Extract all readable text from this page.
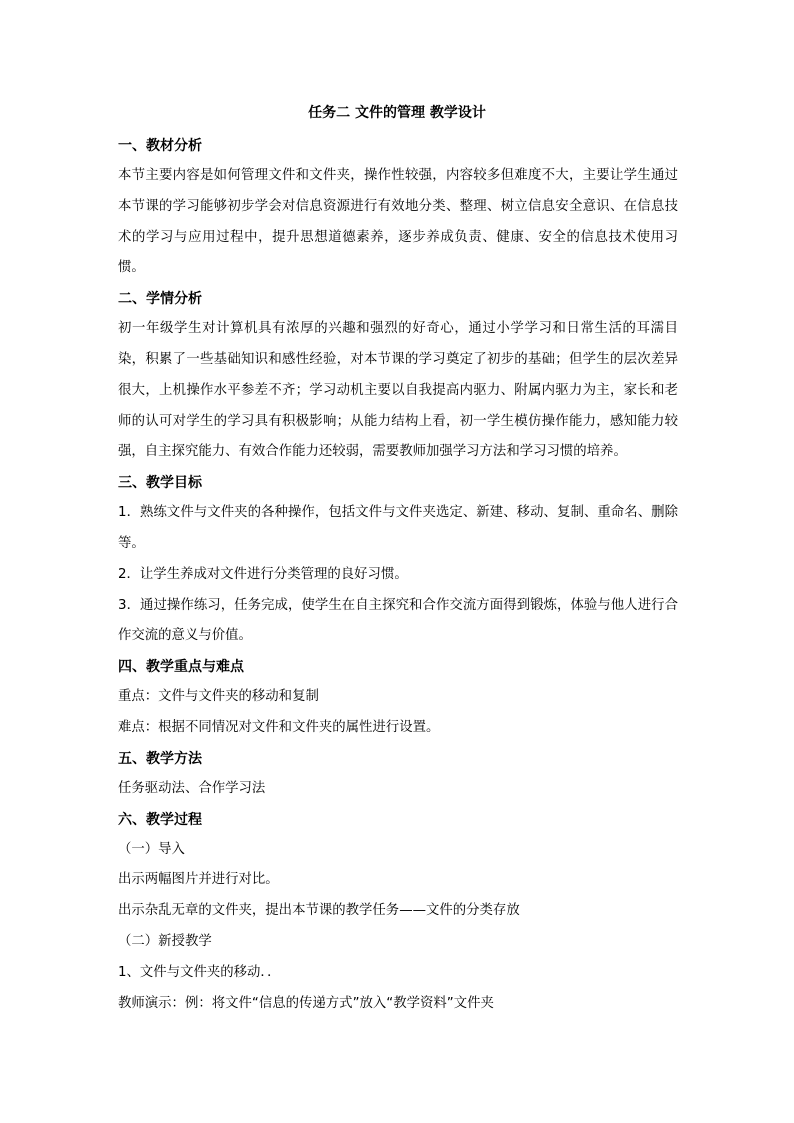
任务二 文件的管理 教学设计

一、教材分析

本节主要内容是如何管理文件和文件夹，操作性较强，内容较多但难度不大，主要让学生通过本节课的学习能够初步学会对信息资源进行有效地分类、整理、树立信息安全意识、在信息技术的学习与应用过程中，提升思想道德素养，逐步养成负责、健康、安全的信息技术使用习惯。

二、学情分析

初一年级学生对计算机具有浓厚的兴趣和强烈的好奇心，通过小学学习和日常生活的耳濡目染，积累了一些基础知识和感性经验，对本节课的学习奠定了初步的基础；但学生的层次差异很大，上机操作水平参差不齐；学习动机主要以自我提高内驱力、附属内驱力为主，家长和老师的认可对学生的学习具有积极影响；从能力结构上看，初一学生模仿操作能力，感知能力较强，自主探究能力、有效合作能力还较弱，需要教师加强学习方法和学习习惯的培养。

三、教学目标

1．熟练文件与文件夹的各种操作，包括文件与文件夹选定、新建、移动、复制、重命名、删除等。

2．让学生养成对文件进行分类管理的良好习惯。

3．通过操作练习，任务完成，使学生在自主探究和合作交流方面得到锻炼，体验与他人进行合作交流的意义与价值。

四、教学重点与难点

重点：文件与文件夹的移动和复制

难点：根据不同情况对文件和文件夹的属性进行设置。

五、教学方法

任务驱动法、合作学习法

六、教学过程

（一）导入

出示两幅图片并进行对比。

出示杂乱无章的文件夹，提出本节课的教学任务——文件的分类存放

（二）新授教学

1、文件与文件夹的移动．．

教师演示：例：将文件“信息的传递方式”放入“教学资料”文件夹
